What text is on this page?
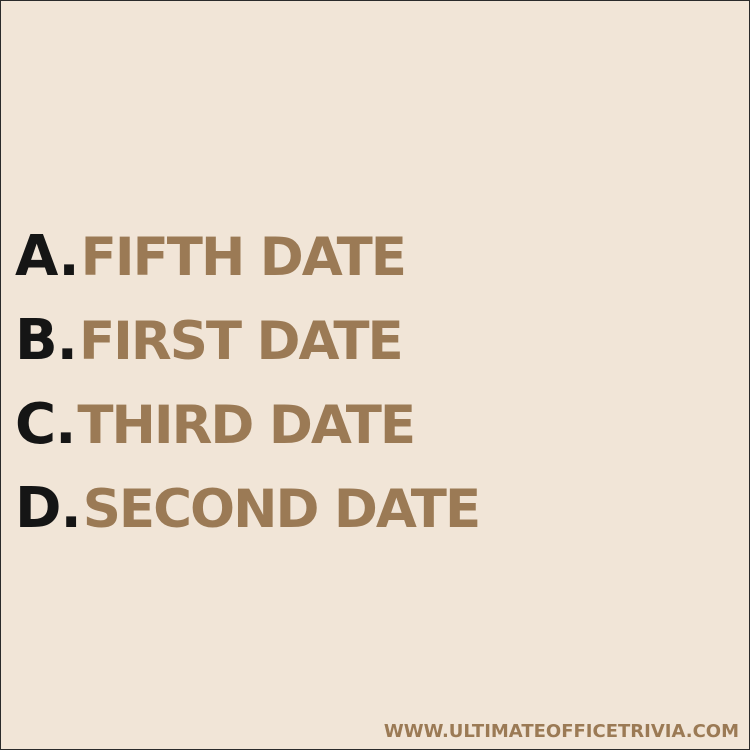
A. FIFTH DATE
B. FIRST DATE
C. THIRD DATE
D. SECOND DATE
WWW.ULTIMATEOFFICETRIVIA.COM
